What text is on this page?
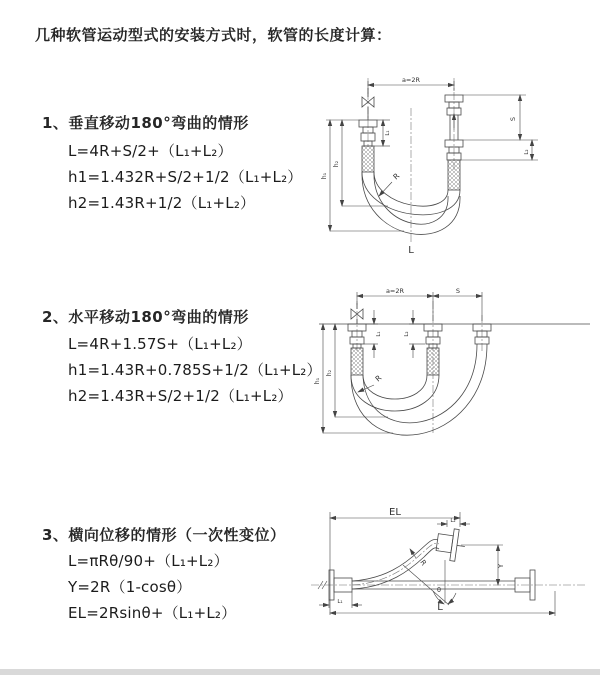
几种软管运动型式的安装方式时，软管的长度计算：
1、垂直移动180°弯曲的情形
L=4R+S/2+（L₁+L₂）
h1=1.432R+S/2+1/2（L₁+L₂）
h2=1.43R+1/2（L₁+L₂）
2、水平移动180°弯曲的情形
L=4R+1.57S+（L₁+L₂）
h1=1.43R+0.785S+1/2（L₁+L₂）
h2=1.43R+S/2+1/2（L₁+L₂）
3、横向位移的情形（一次性变位）
L=πRθ/90+（L₁+L₂）
Y=2R（1-cosθ）
EL=2Rsinθ+（L₁+L₂）
a=2R
S
L₂
L₁
h₁
h₂
R
L
a=2R	S
L₁	L₂
h₁
h₂
R
EL
L₂
Y
R
θ
L
L₁
